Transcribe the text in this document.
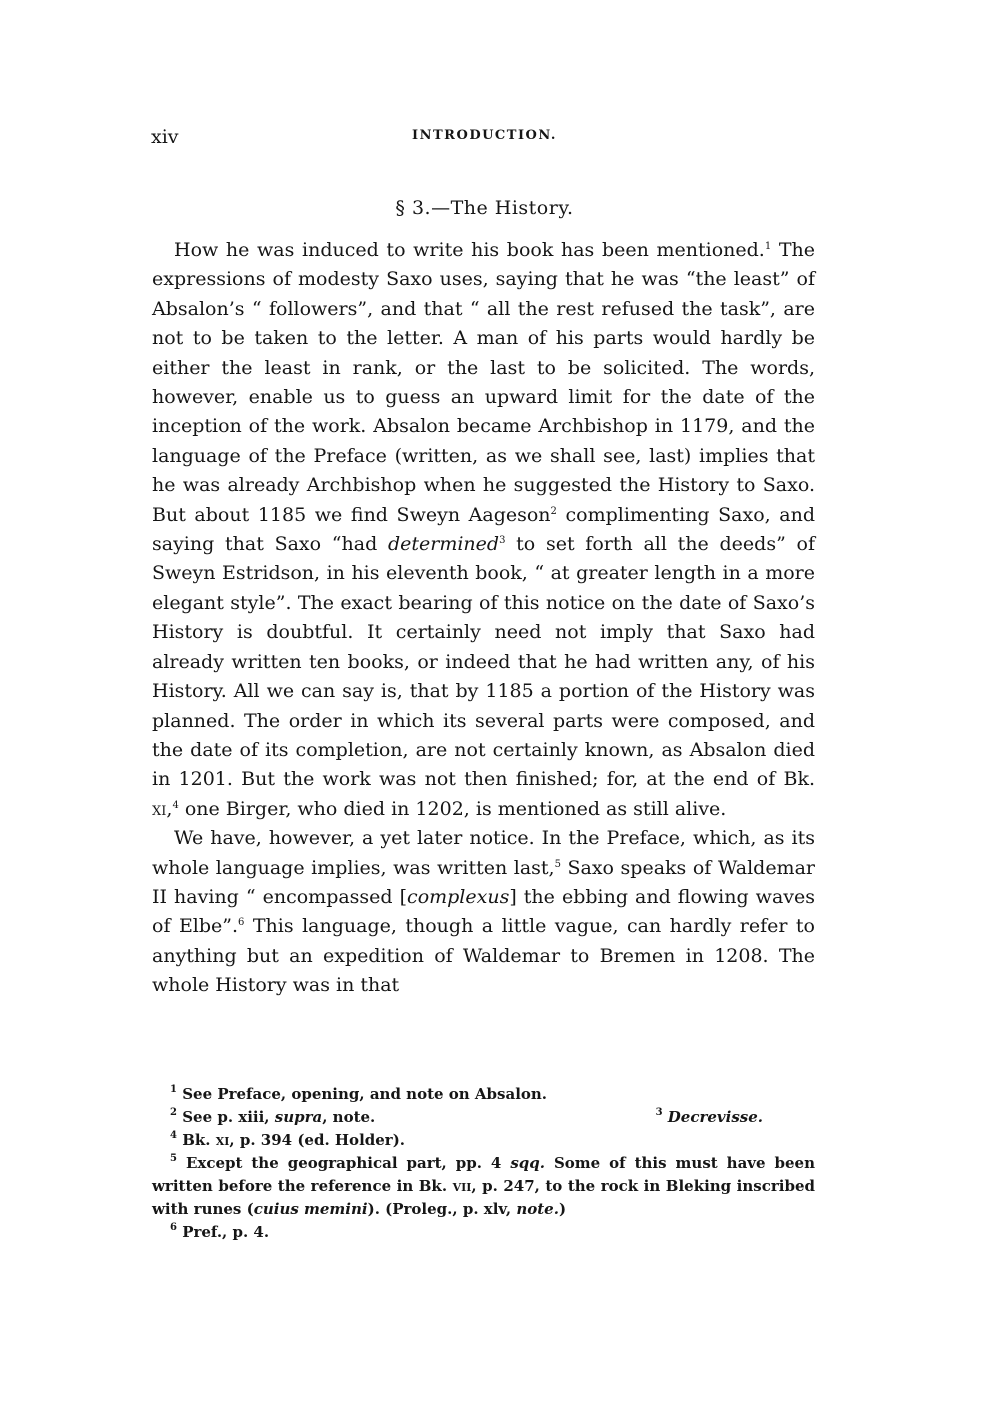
xiv	INTRODUCTION.
§ 3.—The History.

How he was induced to write his book has been mentioned.$^1$ The expressions of modesty Saxo uses, saying that he was “the least” of Absalon’s “ followers”, and that “ all the rest refused the task”, are not to be taken to the letter. A man of his parts would hardly be either the least in rank, or the last to be solicited. The words, however, enable us to guess an upward limit for the date of the inception of the work. Absalon became Archbishop in 1179, and the language of the Preface (written, as we shall see, last) implies that he was already Archbishop when he suggested the History to Saxo. But about 1185 we find Sweyn Aageson$^2$ complimenting Saxo, and saying that Saxo “had determined$^3$ to set forth all the deeds” of Sweyn Estridson, in his eleventh book, “ at greater length in a more elegant style”. The exact bearing of this notice on the date of Saxo’s History is doubtful. It certainly need not imply that Saxo had already written ten books, or indeed that he had written any, of his History. All we can say is, that by 1185 a portion of the History was planned. The order in which its several parts were composed, and the date of its completion, are not certainly known, as Absalon died in 1201. But the work was not then finished; for, at the end of Bk. xi,$^4$ one Birger, who died in 1202, is mentioned as still alive.

We have, however, a yet later notice. In the Preface, which, as its whole language implies, was written last,$^5$ Saxo speaks of Waldemar II having “ encompassed [complexus] the ebbing and flowing waves of Elbe”.$^6$ This language, though a little vague, can hardly refer to anything but an expedition of Waldemar to Bremen in 1208. The whole History was in that

$^1$ See Preface, opening, and note on Absalon.
$^2$ See p. xiii, supra, note.	$^3$ Decrevisse.
$^4$ Bk. xi, p. 394 (ed. Holder).
$^5$ Except the geographical part, pp. 4 sqq. Some of this must have been written before the reference in Bk. vii, p. 247, to the rock in Bleking inscribed with runes (cuius memini). (Proleg., p. xlv, note.)
$^6$ Pref., p. 4.
